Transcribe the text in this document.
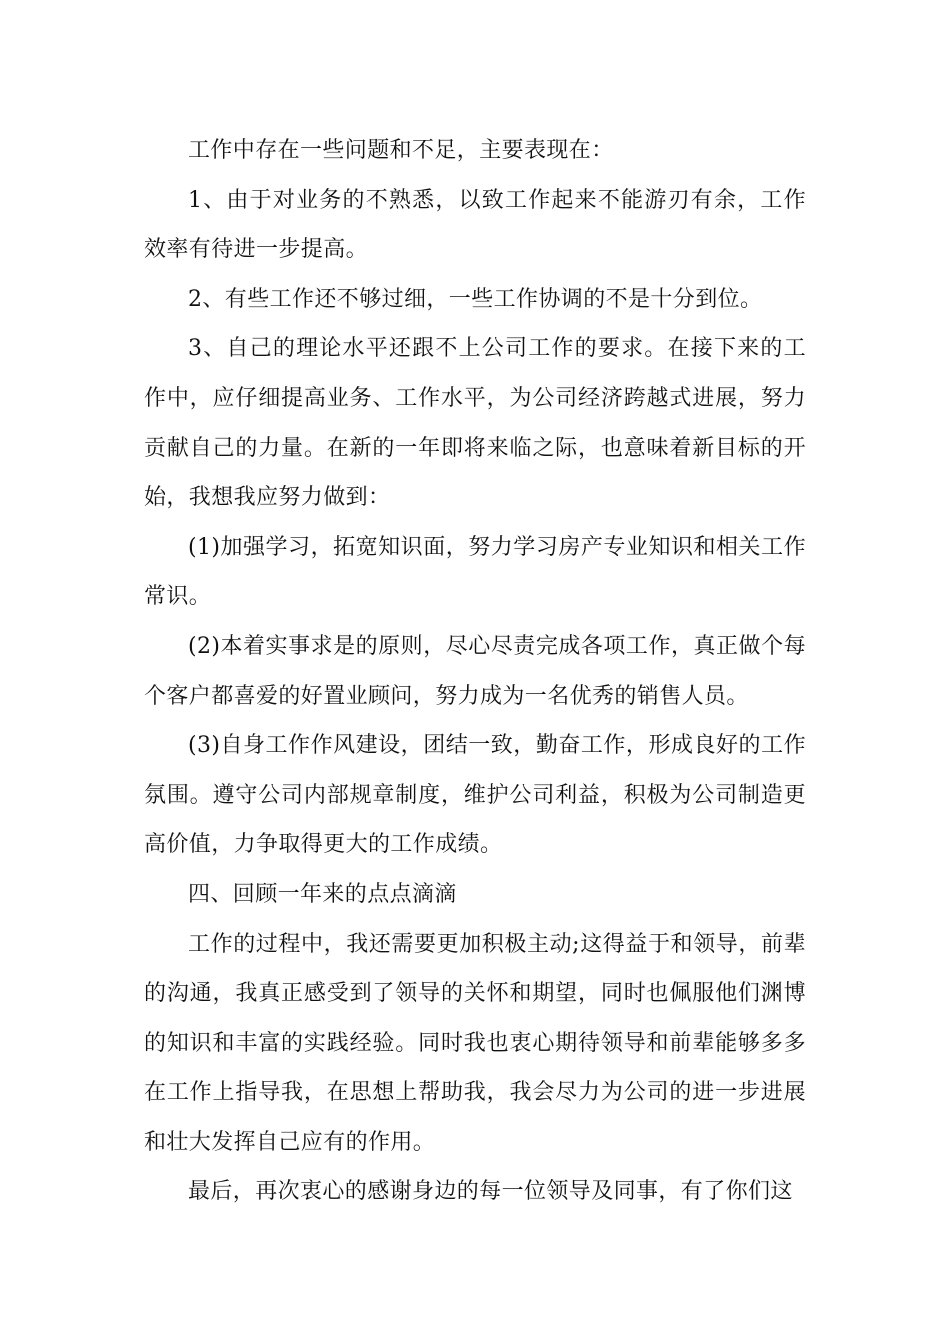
工作中存在一些问题和不足，主要表现在：

1、由于对业务的不熟悉，以致工作起来不能游刃有余，工作效率有待进一步提高。

2、有些工作还不够过细，一些工作协调的不是十分到位。

3、自己的理论水平还跟不上公司工作的要求。在接下来的工作中，应仔细提高业务、工作水平，为公司经济跨越式进展，努力贡献自己的力量。在新的一年即将来临之际，也意味着新目标的开始，我想我应努力做到：

(1)加强学习，拓宽知识面，努力学习房产专业知识和相关工作常识。

(2)本着实事求是的原则，尽心尽责完成各项工作，真正做个每个客户都喜爱的好置业顾问，努力成为一名优秀的销售人员。

(3)自身工作作风建设，团结一致，勤奋工作，形成良好的工作氛围。遵守公司内部规章制度，维护公司利益，积极为公司制造更高价值，力争取得更大的工作成绩。

四、回顾一年来的点点滴滴

工作的过程中，我还需要更加积极主动;这得益于和领导，前辈的沟通，我真正感受到了领导的关怀和期望，同时也佩服他们渊博的知识和丰富的实践经验。同时我也衷心期待领导和前辈能够多多在工作上指导我，在思想上帮助我，我会尽力为公司的进一步进展和壮大发挥自己应有的作用。

最后，再次衷心的感谢身边的每一位领导及同事，有了你们这
